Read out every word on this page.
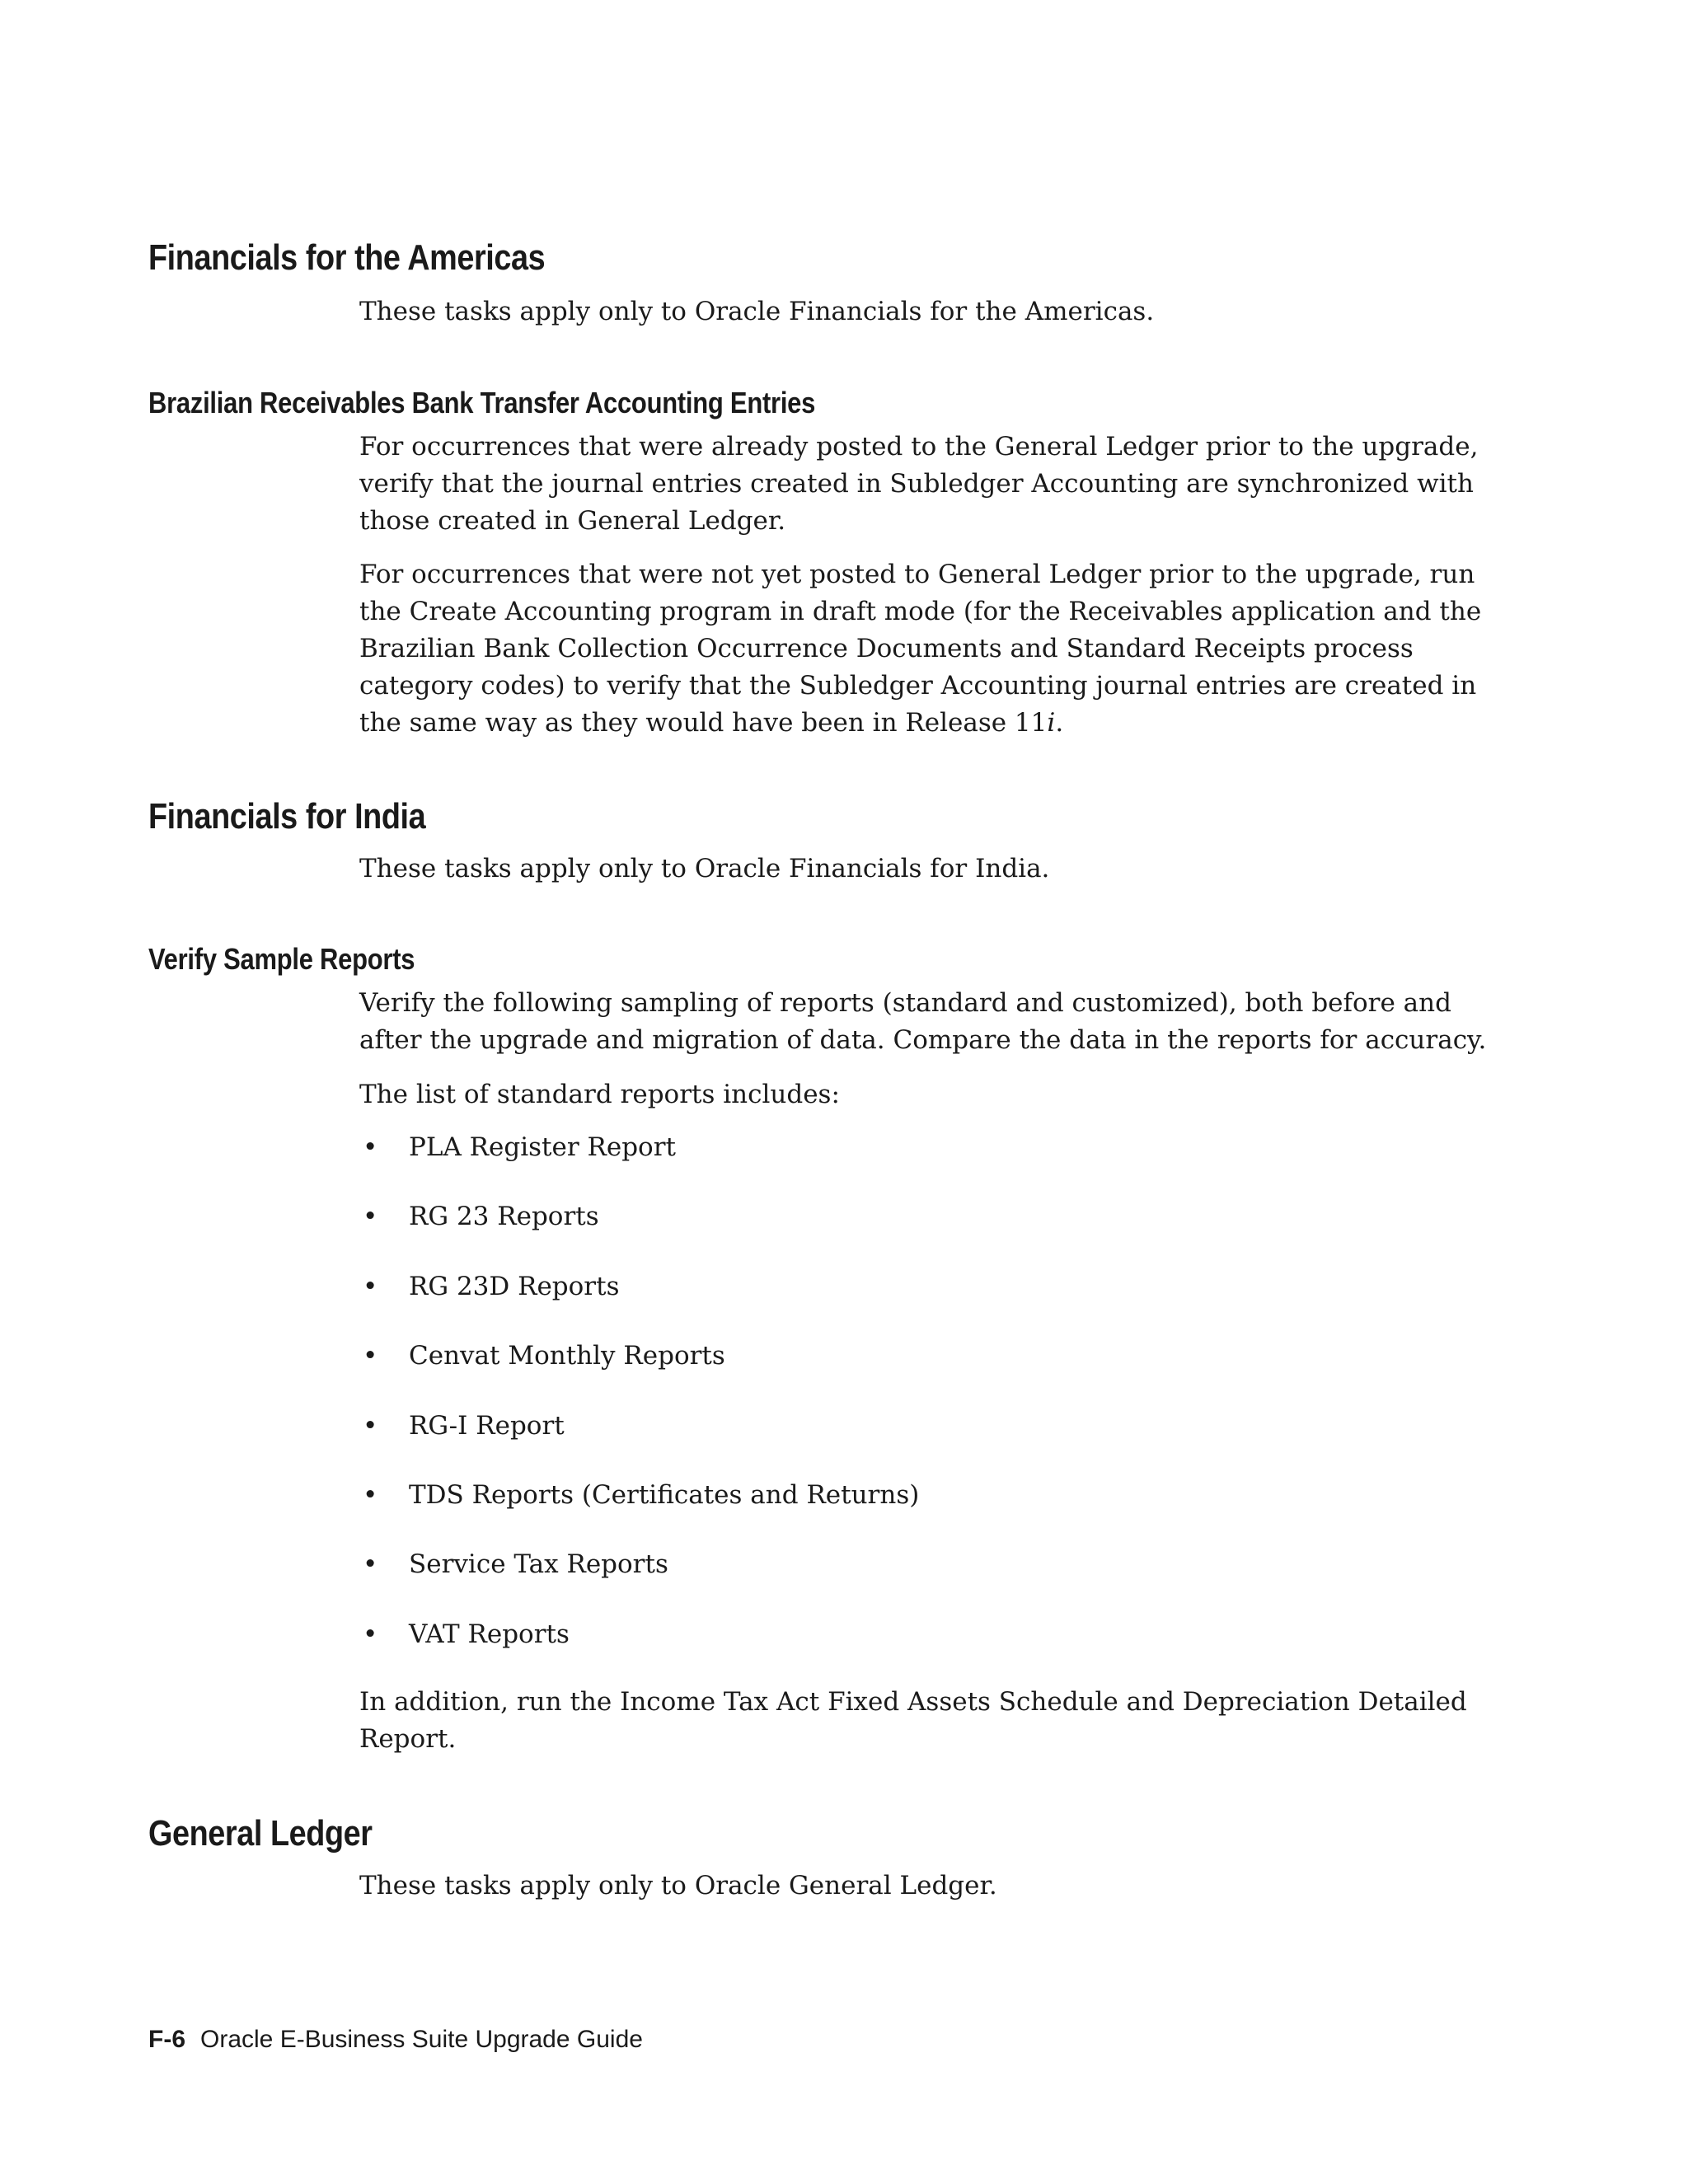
Financials for the Americas

These tasks apply only to Oracle Financials for the Americas.

Brazilian Receivables Bank Transfer Accounting Entries

For occurrences that were already posted to the General Ledger prior to the upgrade,
verify that the journal entries created in Subledger Accounting are synchronized with
those created in General Ledger.

For occurrences that were not yet posted to General Ledger prior to the upgrade, run
the Create Accounting program in draft mode (for the Receivables application and the
Brazilian Bank Collection Occurrence Documents and Standard Receipts process
category codes) to verify that the Subledger Accounting journal entries are created in
the same way as they would have been in Release 11i.

Financials for India

These tasks apply only to Oracle Financials for India.

Verify Sample Reports

Verify the following sampling of reports (standard and customized), both before and
after the upgrade and migration of data. Compare the data in the reports for accuracy.

The list of standard reports includes:

• PLA Register Report
• RG 23 Reports
• RG 23D Reports
• Cenvat Monthly Reports
• RG-I Report
• TDS Reports (Certificates and Returns)
• Service Tax Reports
• VAT Reports

In addition, run the Income Tax Act Fixed Assets Schedule and Depreciation Detailed
Report.

General Ledger

These tasks apply only to Oracle General Ledger.

F-6 Oracle E-Business Suite Upgrade Guide
